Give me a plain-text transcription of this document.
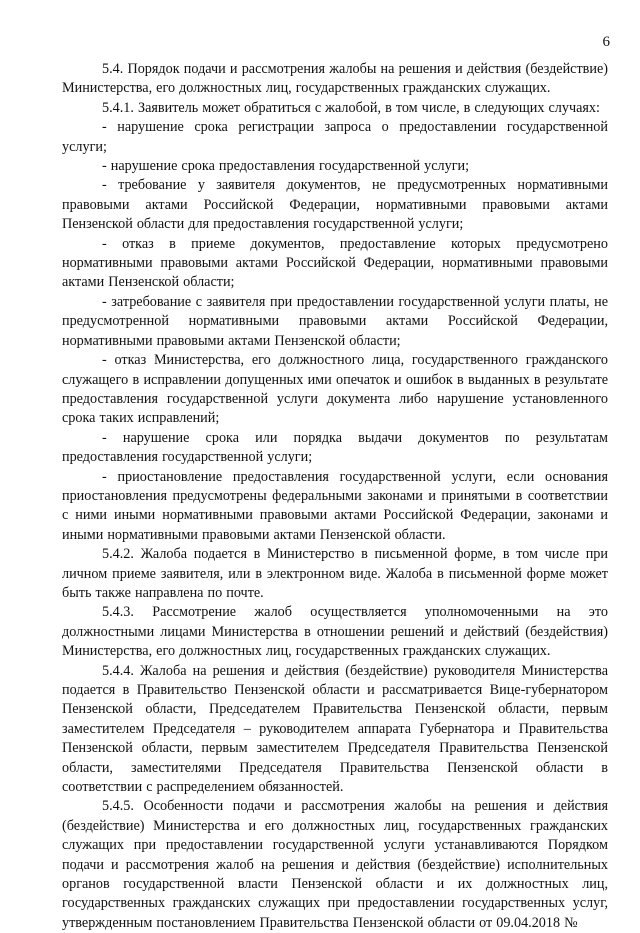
6

5.4. Порядок подачи и рассмотрения жалобы на решения и действия (бездействие) Министерства, его должностных лиц, государственных гражданских служащих.

5.4.1. Заявитель может обратиться с жалобой, в том числе, в следующих случаях:

- нарушение срока регистрации запроса о предоставлении государственной услуги;

- нарушение срока предоставления государственной услуги;

- требование у заявителя документов, не предусмотренных нормативными правовыми актами Российской Федерации, нормативными правовыми актами Пензенской области для предоставления государственной услуги;

- отказ в приеме документов, предоставление которых предусмотрено нормативными правовыми актами Российской Федерации, нормативными правовыми актами Пензенской области;

- затребование с заявителя при предоставлении государственной услуги платы, не предусмотренной нормативными правовыми актами Российской Федерации, нормативными правовыми актами Пензенской области;

- отказ Министерства, его должностного лица, государственного гражданского служащего в исправлении допущенных ими опечаток и ошибок в выданных в результате предоставления государственной услуги документа либо нарушение установленного срока таких исправлений;

- нарушение срока или порядка выдачи документов по результатам предоставления государственной услуги;

- приостановление предоставления государственной услуги, если основания приостановления предусмотрены федеральными законами и принятыми в соответствии с ними иными нормативными правовыми актами Российской Федерации, законами и иными нормативными правовыми актами Пензенской области.

5.4.2. Жалоба подается в Министерство в письменной форме, в том числе при личном приеме заявителя, или в электронном виде. Жалоба в письменной форме может быть также направлена по почте.

5.4.3. Рассмотрение жалоб осуществляется уполномоченными на это должностными лицами Министерства в отношении решений и действий (бездействия) Министерства, его должностных лиц, государственных гражданских служащих.

5.4.4. Жалоба на решения и действия (бездействие) руководителя Министерства подается в Правительство Пензенской области и рассматривается Вице-губернатором Пензенской области, Председателем Правительства Пензенской области, первым заместителем Председателя – руководителем аппарата Губернатора и Правительства Пензенской области, первым заместителем Председателя Правительства Пензенской области, заместителями Председателя Правительства Пензенской области в соответствии с распределением обязанностей.

5.4.5. Особенности подачи и рассмотрения жалобы на решения и действия (бездействие) Министерства и его должностных лиц, государственных гражданских служащих при предоставлении государственной услуги устанавливаются Порядком подачи и рассмотрения жалоб на решения и действия (бездействие) исполнительных органов государственной власти Пензенской области и их должностных лиц, государственных гражданских служащих при предоставлении государственных услуг, утвержденным постановлением Правительства Пензенской области от 09.04.2018 №
